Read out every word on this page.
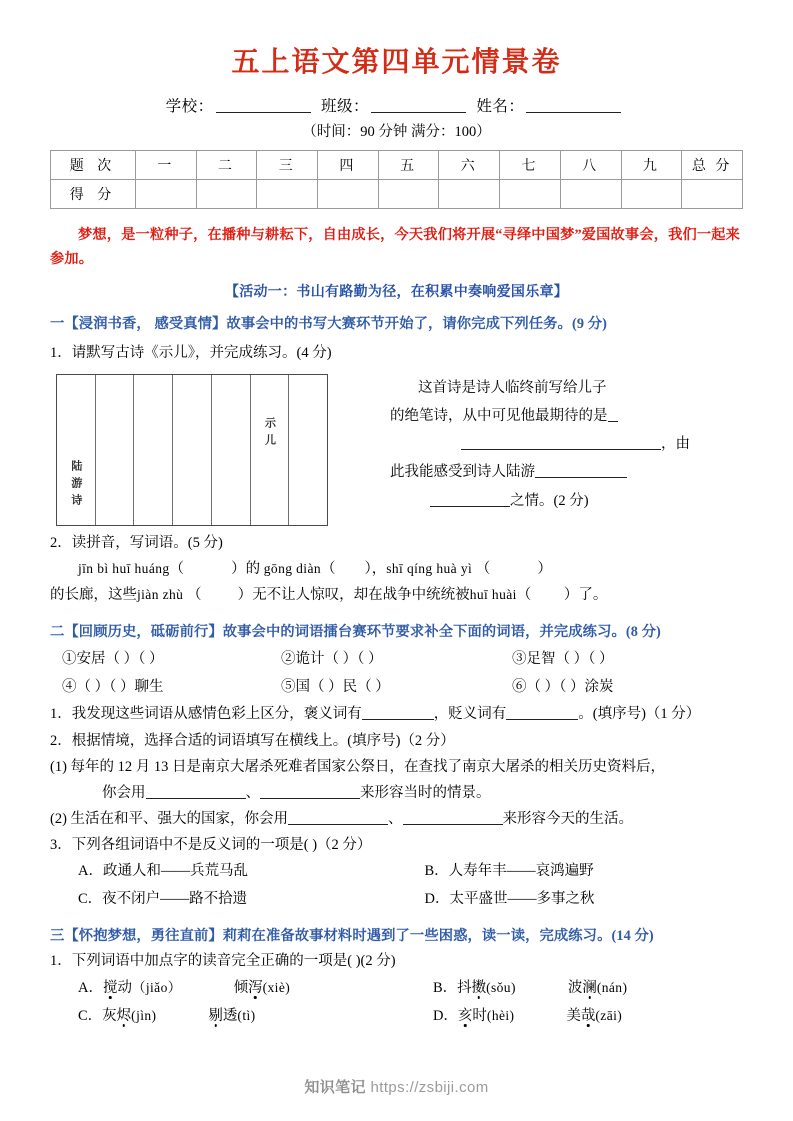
五上语文第四单元情景卷
学校：	班级：	姓名：
（时间：90 分钟 满分：100）
题 次	一	二	三	四	五	六	七	八	九	总 分
得 分										
梦想，是一粒种子，在播种与耕耘下，自由成长，今天我们将开展“寻绎中国梦”爱国故事会，我们一起来参加。
【活动一：书山有路勤为径，在积累中奏响爱国乐章】
一【浸润书香， 感受真情】故事会中的书写大赛环节开始了，请你完成下列任务。(9 分)
1．请默写古诗《示儿》，并完成练习。(4 分)
陆游诗
示儿
这首诗是诗人临终前写给儿子
的绝笔诗，从中可见他最期待的是
，由
此我能感受到诗人陆游
之情。(2 分)
2．读拼音，写词语。(5 分)
jīn bì huī huáng（             ）的 gōng diàn（        ），shī qíng huà yì （             ）
的长廊，这些jiàn zhù （          ）无不让人惊叹，却在战争中统统被huī huài（         ）了。
二【回顾历史，砥砺前行】故事会中的词语擂台赛环节要求补全下面的词语，并完成练习。(8 分)
①安居（ ）（ ）	②诡计（ ）（ ）	③足智（ ）（ ）
④（ ）（ ）聊生	⑤国（ ）民（ ）	⑥（ ）（ ）涂炭
1．我发现这些词语从感情色彩上区分，褒义词有	，贬义词有	。(填序号)（1 分）
2．根据情境，选择合适的词语填写在横线上。(填序号)（2 分）
(1) 每年的 12 月 13 日是南京大屠杀死难者国家公祭日，在查找了南京大屠杀的相关历史资料后，
你会用	、	来形容当时的情景。
(2) 生活在和平、强大的国家，你会用	、	来形容今天的生活。
3．下列各组词语中不是反义词的一项是( )（2 分）
A．政通人和——兵荒马乱	B．人寿年丰——哀鸿遍野
C．夜不闭户——路不拾遗	D．太平盛世——多事之秋
三【怀抱梦想，勇往直前】莉莉在准备故事材料时遇到了一些困惑，读一读，完成练习。(14 分)
1．下列词语中加点字的读音完全正确的一项是( )(2 分)
A．搅动（jiǎo）	倾泻(xiè)	B．抖擞(sǒu)	波澜(nán)
C．灰烬(jìn)	剔透(tì)	D．亥时(hèi)	美哉(zāi)
知识笔记 https://zsbiji.com
